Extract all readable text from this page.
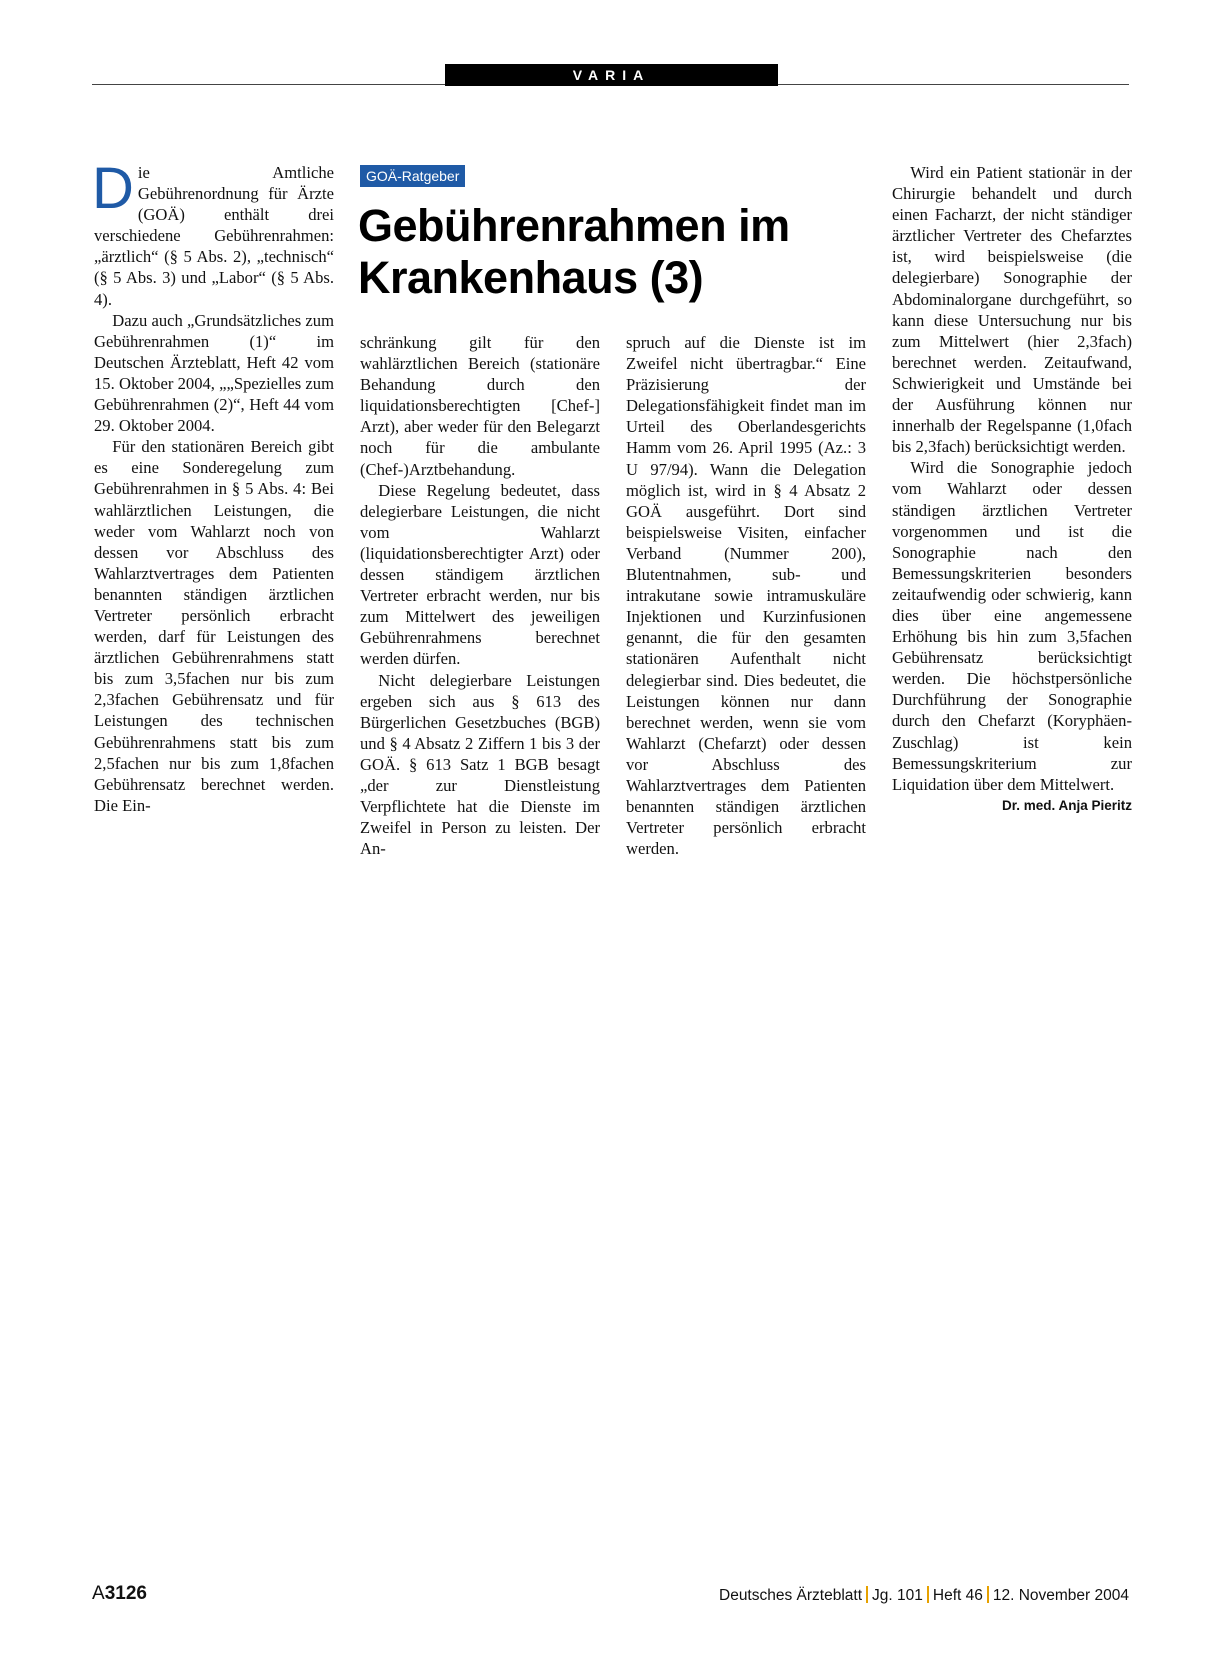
VARIA
GOÄ-Ratgeber
Gebührenrahmen im
Krankenhaus (3)

Die Amtliche Gebührenordnung für Ärzte (GOÄ) enthält drei verschiedene Gebührenrahmen: „ärztlich“ (§ 5 Abs. 2), „technisch“ (§ 5 Abs. 3) und „Labor“ (§ 5 Abs. 4).

Dazu auch „Grundsätzliches zum Gebührenrahmen (1)“ im Deutschen Ärzteblatt, Heft 42 vom 15. Oktober 2004, „„Spezielles zum Gebührenrahmen (2)“, Heft 44 vom 29. Oktober 2004.

Für den stationären Bereich gibt es eine Sonderegelung zum Gebührenrahmen in § 5 Abs. 4: Bei wahlärztlichen Leistungen, die weder vom Wahlarzt noch von dessen vor Abschluss des Wahlarztvertrages dem Patienten benannten ständigen ärztlichen Vertreter persönlich erbracht werden, darf für Leistungen des ärztlichen Gebührenrahmens statt bis zum 3,5fachen nur bis zum 2,3fachen Gebührensatz und für Leistungen des technischen Gebührenrahmens statt bis zum 2,5fachen nur bis zum 1,8fachen Gebührensatz berechnet werden. Die Ein-

schränkung gilt für den wahlärztlichen Bereich (stationäre Behandung durch den liquidationsberechtigten [Chef-] Arzt), aber weder für den Belegarzt noch für die ambulante (Chef-)Arztbehandung.

Diese Regelung bedeutet, dass delegierbare Leistungen, die nicht vom Wahlarzt (liquidationsberechtigter Arzt) oder dessen ständigem ärztlichen Vertreter erbracht werden, nur bis zum Mittelwert des jeweiligen Gebührenrahmens berechnet werden dürfen.

Nicht delegierbare Leistungen ergeben sich aus § 613 des Bürgerlichen Gesetzbuches (BGB) und § 4 Absatz 2 Ziffern 1 bis 3 der GOÄ. § 613 Satz 1 BGB besagt „der zur Dienstleistung Verpflichtete hat die Dienste im Zweifel in Person zu leisten. Der An-

spruch auf die Dienste ist im Zweifel nicht übertragbar.“ Eine Präzisierung der Delegationsfähigkeit findet man im Urteil des Oberlandesgerichts Hamm vom 26. April 1995 (Az.: 3 U 97/94). Wann die Delegation möglich ist, wird in § 4 Absatz 2 GOÄ ausgeführt. Dort sind beispielsweise Visiten, einfacher Verband (Nummer 200), Blutentnahmen, sub- und intrakutane sowie intramuskuläre Injektionen und Kurzinfusionen genannt, die für den gesamten stationären Aufenthalt nicht delegierbar sind. Dies bedeutet, die Leistungen können nur dann berechnet werden, wenn sie vom Wahlarzt (Chefarzt) oder dessen vor Abschluss des Wahlarztvertrages dem Patienten benannten ständigen ärztlichen Vertreter persönlich erbracht werden.

Wird ein Patient stationär in der Chirurgie behandelt und durch einen Facharzt, der nicht ständiger ärztlicher Vertreter des Chefarztes ist, wird beispielsweise (die delegierbare) Sonographie der Abdominalorgane durchgeführt, so kann diese Untersuchung nur bis zum Mittelwert (hier 2,3fach) berechnet werden. Zeitaufwand, Schwierigkeit und Umstände bei der Ausführung können nur innerhalb der Regelspanne (1,0fach bis 2,3fach) berücksichtigt werden.

Wird die Sonographie jedoch vom Wahlarzt oder dessen ständigen ärztlichen Vertreter vorgenommen und ist die Sonographie nach den Bemessungskriterien besonders zeitaufwendig oder schwierig, kann dies über eine angemessene Erhöhung bis hin zum 3,5fachen Gebührensatz berücksichtigt werden. Die höchstpersönliche Durchführung der Sonographie durch den Chefarzt (Koryphäen-Zuschlag) ist kein Bemessungskriterium zur Liquidation über dem Mittelwert.
Dr. med. Anja Pieritz

A3126	Deutsches Ärzteblatt Jg. 101 Heft 46 12. November 2004
